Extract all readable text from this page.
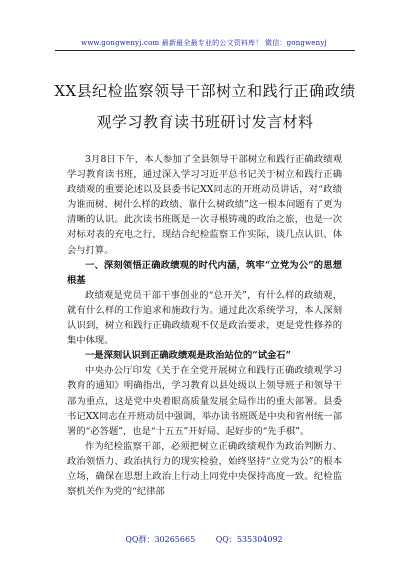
www.gongwenyj.com 最新最全最专业的公文资料库！ 微信：gongwenyj
XX县纪检监察领导干部树立和践行正确政绩观学习教育读书班研讨发言材料

3月8日下午，本人参加了全县领导干部树立和践行正确政绩观学习教育读书班，通过深入学习习近平总书记关于树立和践行正确政绩观的重要论述以及县委书记XX同志的开班动员讲话，对“政绩为谁而树、树什么样的政绩、靠什么树政绩”这一根本问题有了更为清晰的认识。此次读书班既是一次寻根铸魂的政治之旅，也是一次对标对表的充电之行，现结合纪检监察工作实际，谈几点认识、体会与打算。

一、深刻领悟正确政绩观的时代内涵，筑牢“立党为公”的思想根基

政绩观是党员干部干事创业的“总开关”，有什么样的政绩观，就有什么样的工作追求和施政行为。通过此次系统学习，本人深刻认识到，树立和践行正确政绩观不仅是政治要求，更是党性修养的集中体现。

一是深刻认识到正确政绩观是政治站位的“试金石”

中央办公厅印发《关于在全党开展树立和践行正确政绩观学习教育的通知》明确指出，学习教育以县处级以上领导班子和领导干部为重点，这是党中央着眼高质量发展全局作出的重大部署。县委书记XX同志在开班动员中强调，举办读书班既是中央和省州统一部署的“必答题”，也是“十五五”开好局、起好步的“先手棋”。

作为纪检监察干部，必须把树立正确政绩观作为政治判断力、政治领悟力、政治执行力的现实检验，始终坚持“立党为公”的根本立场，确保在思想上政治上行动上同党中央保持高度一致。纪检监察机关作为党的“纪律部

QQ群：30265665	QQ：535304092
